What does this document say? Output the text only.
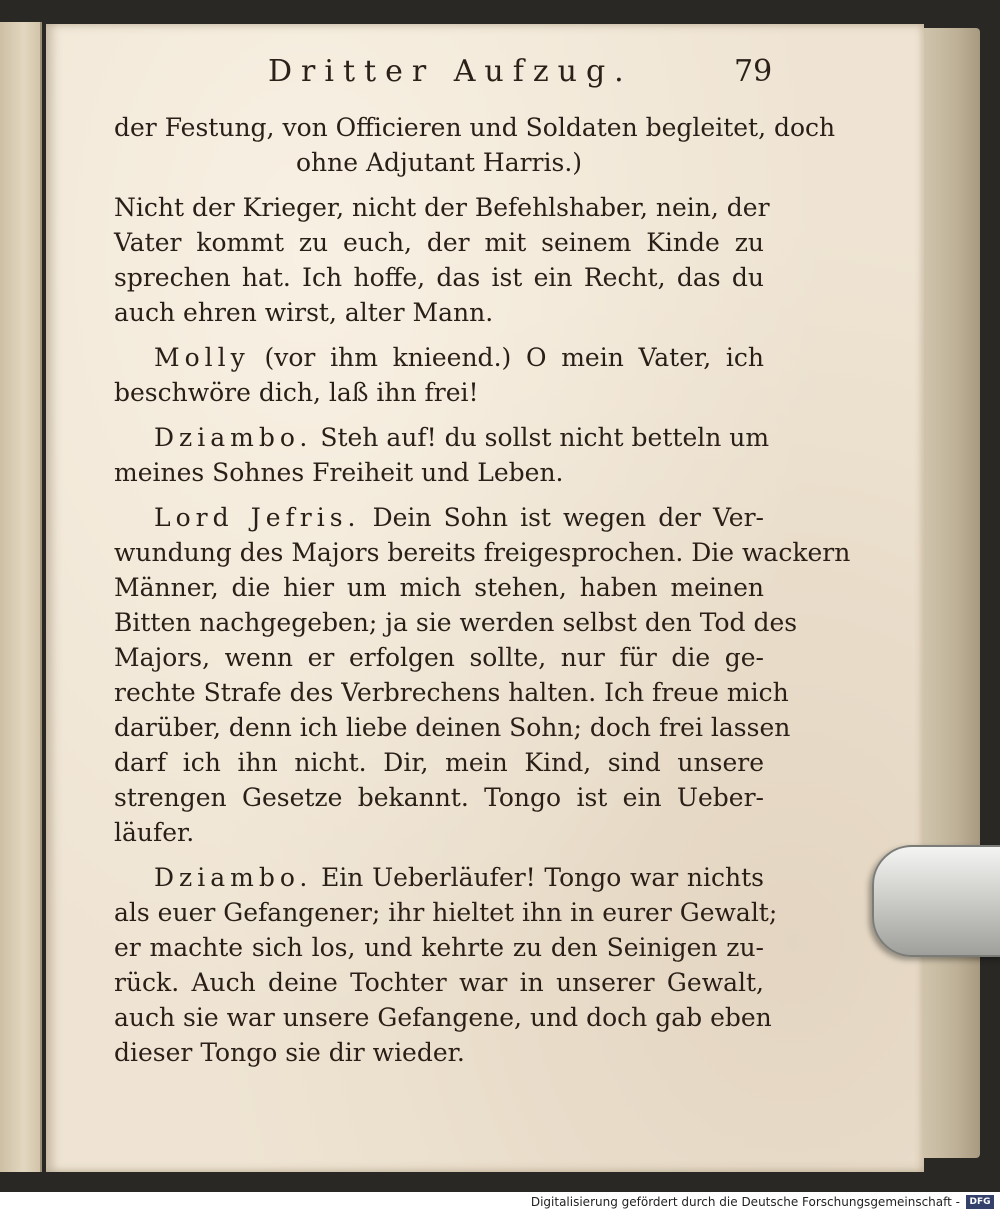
Dritter Aufzug.	79
der Festung, von Officieren und Soldaten begleitet, doch
ohne Adjutant Harris.)
Nicht der Krieger, nicht der Befehlshaber, nein, der
Vater kommt zu euch, der mit seinem Kinde zu
sprechen hat. Ich hoffe, das ist ein Recht, das du
auch ehren wirst, alter Mann.
Molly (vor ihm knieend.) O mein Vater, ich
beschwöre dich, laß ihn frei!
Dziambo. Steh auf! du sollst nicht betteln um
meines Sohnes Freiheit und Leben.
Lord Jefris. Dein Sohn ist wegen der Ver-
wundung des Majors bereits freigesprochen. Die wackern
Männer, die hier um mich stehen, haben meinen
Bitten nachgegeben; ja sie werden selbst den Tod des
Majors, wenn er erfolgen sollte, nur für die ge-
rechte Strafe des Verbrechens halten. Ich freue mich
darüber, denn ich liebe deinen Sohn; doch frei lassen
darf ich ihn nicht. Dir, mein Kind, sind unsere
strengen Gesetze bekannt. Tongo ist ein Ueber-
läufer.
Dziambo. Ein Ueberläufer! Tongo war nichts
als euer Gefangener; ihr hieltet ihn in eurer Gewalt;
er machte sich los, und kehrte zu den Seinigen zu-
rück. Auch deine Tochter war in unserer Gewalt,
auch sie war unsere Gefangene, und doch gab eben
dieser Tongo sie dir wieder.
Digitalisierung gefördert durch die Deutsche Forschungsgemeinschaft -	DFG
